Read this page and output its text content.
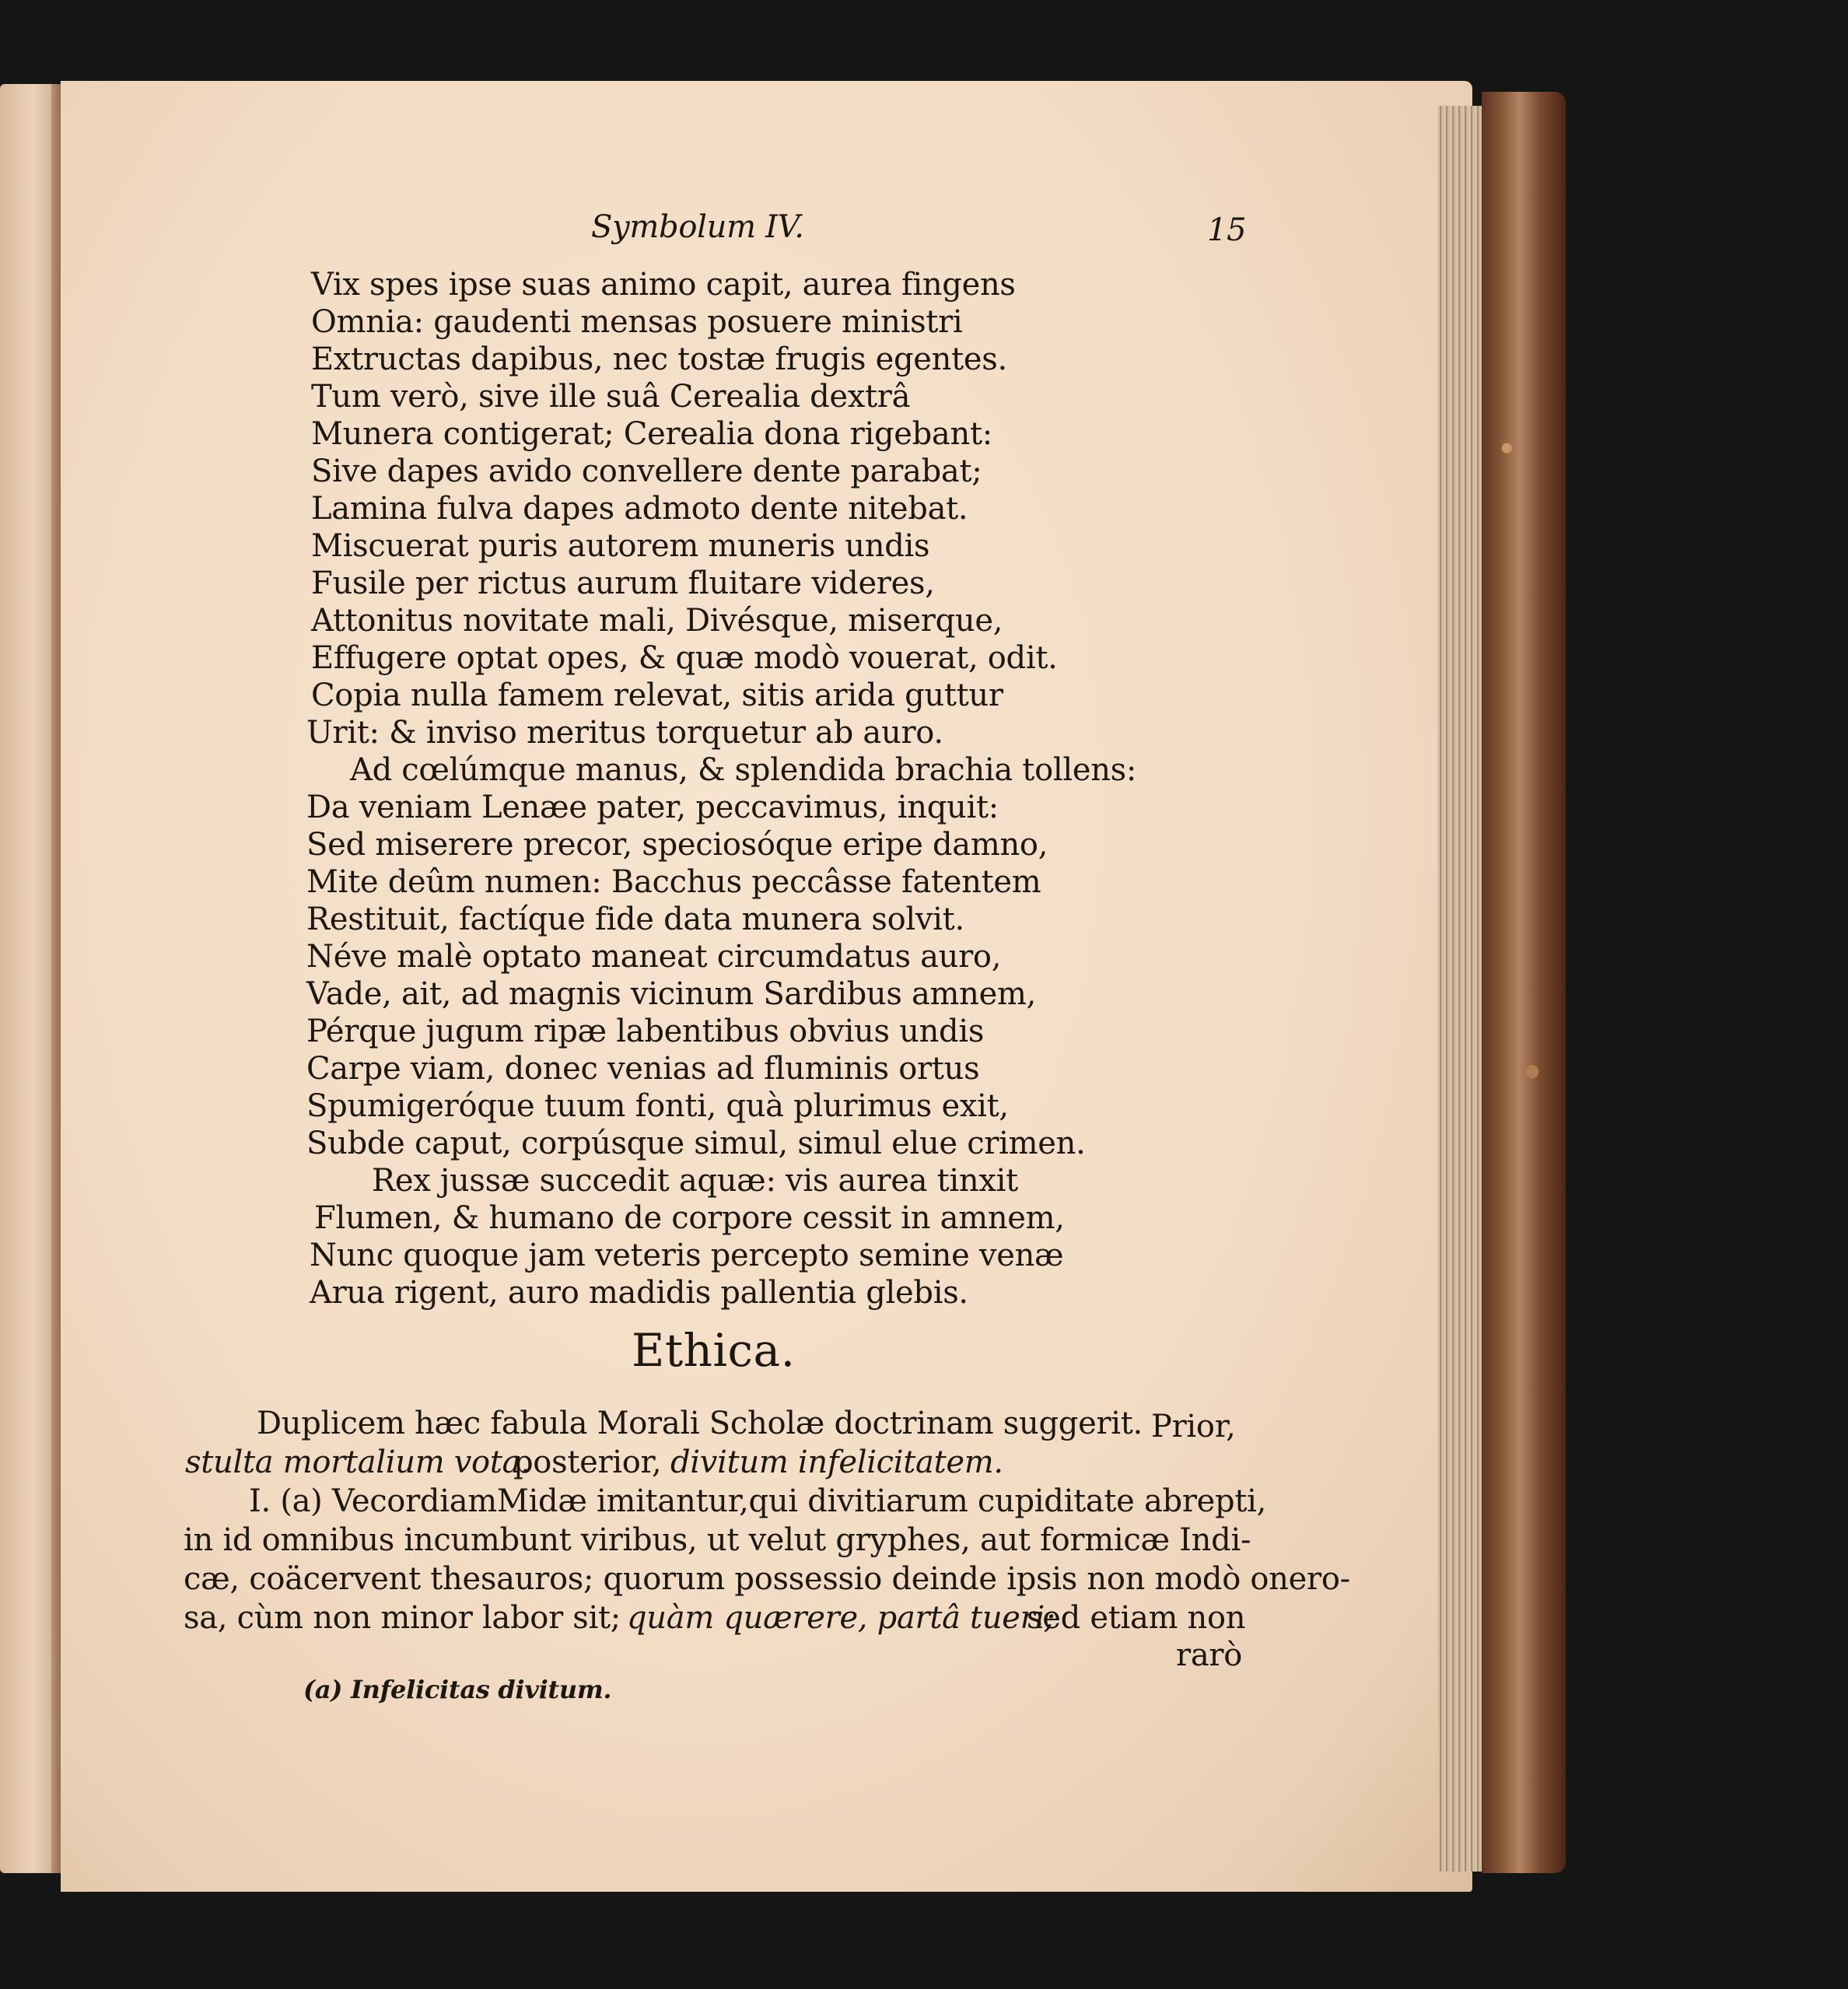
Symbolum IV.	15
Vix spes ipse suas animo capit, aurea fingens
Omnia: gaudenti mensas posuere ministri
Extructas dapibus, nec tostæ frugis egentes.
Tum verò, sive ille suâ Cerealia dextrâ
Munera contigerat; Cerealia dona rigebant:
Sive dapes avido convellere dente parabat;
Lamina fulva dapes admoto dente nitebat.
Miscuerat puris autorem muneris undis
Fusile per rictus aurum fluitare videres,
Attonitus novitate mali, Divésque, miserque,
Effugere optat opes, & quæ modò vouerat, odit.
Copia nulla famem relevat, sitis arida guttur
Urit: & inviso meritus torquetur ab auro.
Ad cœlúmque manus, & splendida brachia tollens:
Da veniam Lenæe pater, peccavimus, inquit:
Sed miserere precor, speciosóque eripe damno,
Mite deûm numen: Bacchus peccâsse fatentem
Restituit, factíque fide data munera solvit.
Néve malè optato maneat circumdatus auro,
Vade, ait, ad magnis vicinum Sardibus amnem,
Pérque jugum ripæ labentibus obvius undis
Carpe viam, donec venias ad fluminis ortus
Spumigeróque tuum fonti, quà plurimus exit,
Subde caput, corpúsque simul, simul elue crimen.
Rex jussæ succedit aquæ: vis aurea tinxit
Flumen, & humano de corpore cessit in amnem,
Nunc quoque jam veteris percepto semine venæ
Arua rigent, auro madidis pallentia glebis.
Ethica.
Duplicem hæc fabula Morali Scholæ doctrinam suggerit. Prior,
stulta mortalium vota.
posterior, divitum infelicitatem.
I. (a) VecordiamMidæ imitantur,qui divitiarum cupiditate abrepti,
in id omnibus incumbunt viribus, ut velut gryphes, aut formicæ Indi-
cæ, coäcervent thesauros; quorum possessio deinde ipsis non modò onero-
sa, cùm non minor labor sit; quàm quærere, partâ tueri;
sed etiam non
rarò
(a) Infelicitas divitum.
